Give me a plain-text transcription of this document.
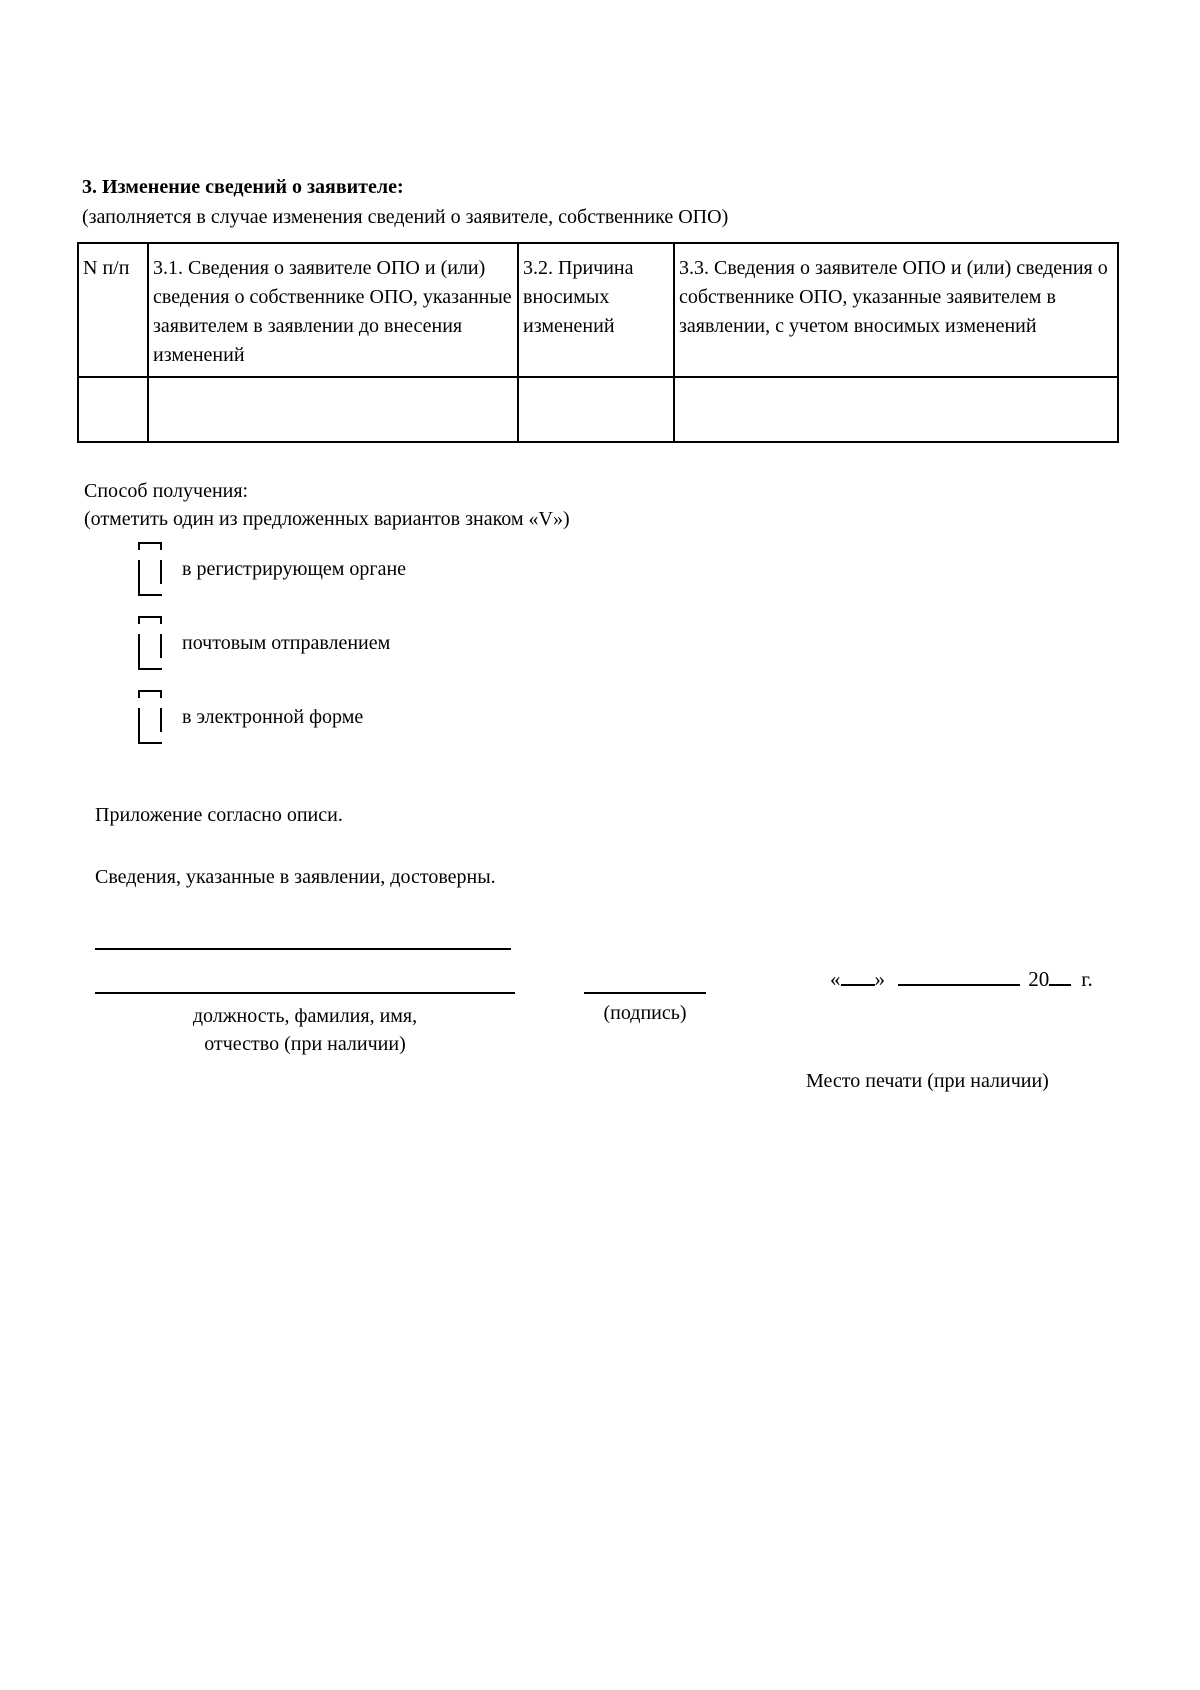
3. Изменение сведений о заявителе:
(заполняется в случае изменения сведений о заявителе, собственнике ОПО)
N п/п	3.1. Сведения о заявителе ОПО и (или) сведения о собственнике ОПО, указанные заявителем в заявлении до внесения изменений	3.2. Причина вносимых изменений	3.3. Сведения о заявителе ОПО и (или) сведения о собственнике ОПО, указанные заявителем в заявлении, с учетом вносимых изменений

Способ получения:
(отметить один из предложенных вариантов знаком «V»)
в регистрирующем органе
почтовым отправлением
в электронной форме
Приложение согласно описи.
Сведения, указанные в заявлении, достоверны.
должность, фамилия, имя,
отчество (при наличии)
(подпись)
« »	20 г.
Место печати (при наличии)
